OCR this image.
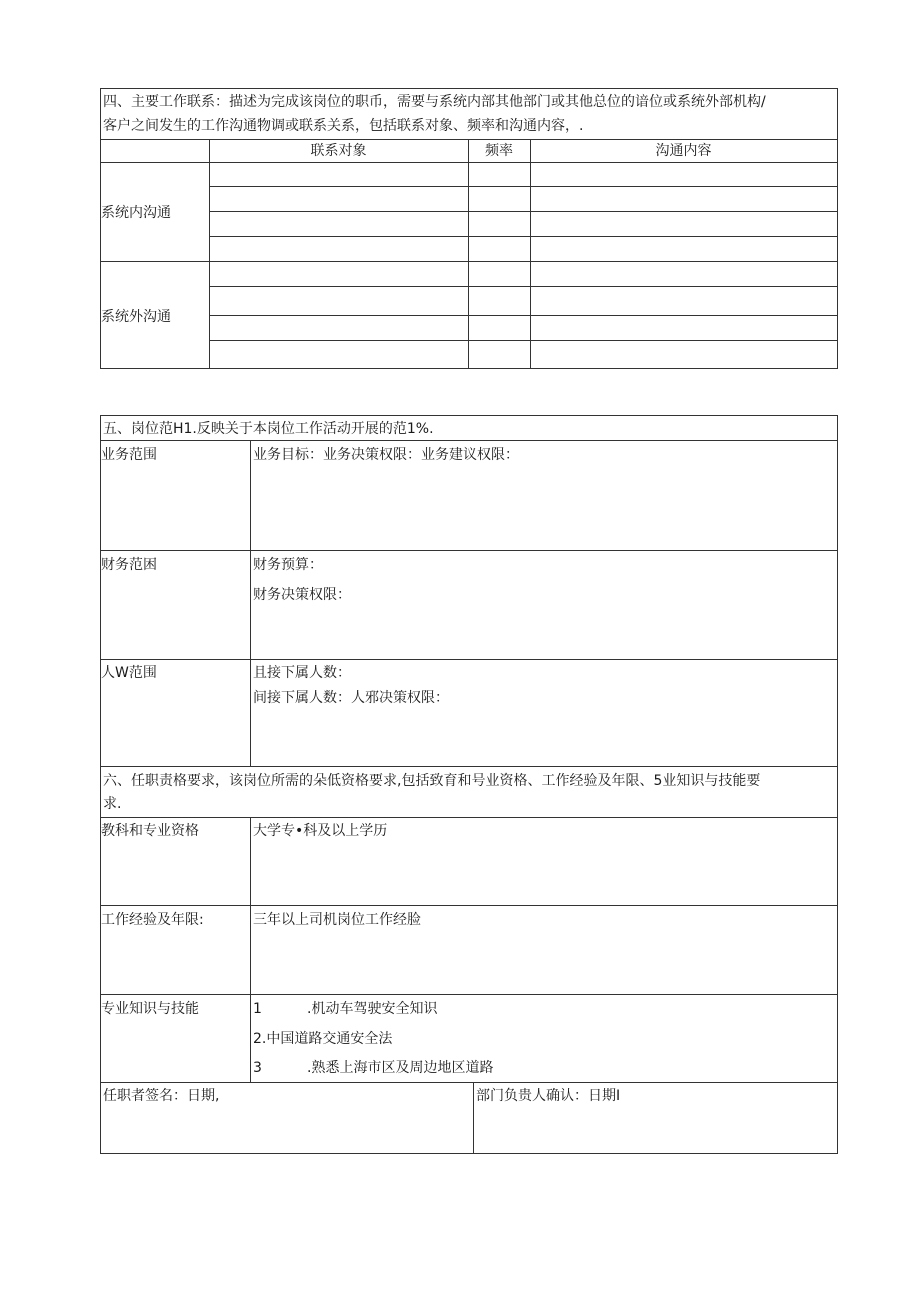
四、主要工作联系：描述为完成该岗位的职币，需要与系统内部其他部门或其他总位的谙位或系统外部机构/
客户之间发生的工作沟通物调或联系关系，包括联系对象、频率和沟通内容，.
联系对象	频率	沟通内容
系统内沟通
系统外沟通
五、岗位范H1.反映关于本岗位工作活动开展的范1%.
业务范围	业务目标：业务决策权限：业务建议权限：
财务范困	财务预算：
财务决策权限：
人W范围	且接下属人数：
间接下属人数：人邪决策权限：
六、任职责格要求，该岗位所需的朵低资格要求,包括致育和号业资格、工作经验及年限、5业知识与技能要
求.
教科和专业资格	大学专•科及以上学历
工作经验及年限:	三年以上司机岗位工作经脸
专业知识与技能	1	.机动车驾驶安全知识
2.中国道路交通安全法
3	.熟悉上海市区及周边地区道路
任职者签名：日期,	部门负贵人确认：日期I
